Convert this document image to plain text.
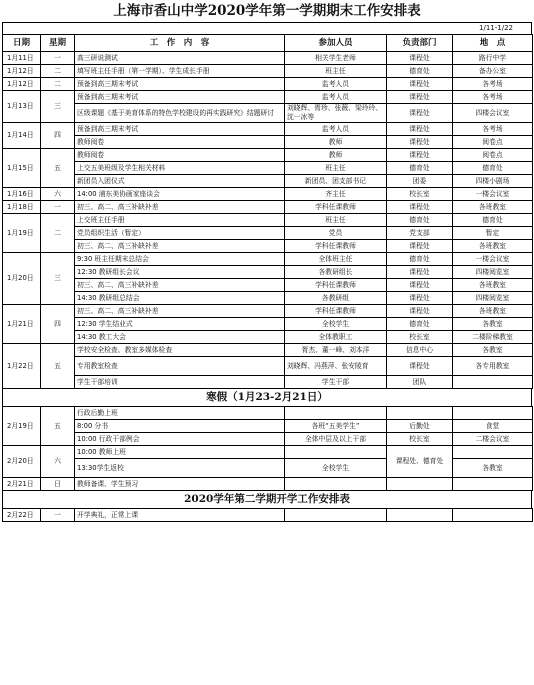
上海市香山中学2020学年第一学期期末工作安排表
1/11-1/22
日期	星期	工　作　内　容	参加人员	负责部门	地　点
1月11日	一	高三研说测试	相关学生老师	课程处	路行中学
1月12日	二	填写班主任手册（第一学期）、学生成长手册	班主任	德育处	备办公室
1月12日	二	预备到高三期末考试	监考人员	课程处	各考场
1月13日	三	预备到高三期末考试	监考人员	课程处	各考场
		区级课题《基于美育体系的特色学校建设的再实践研究》结题研讨	刘晓辉、胥珍、张薇、梁玲玲、沈一冰等	课程处	四楼会议室
1月14日	四	预备到高三期末考试	监考人员	课程处	各考场
		教师阅卷	教师	课程处	阅卷点
1月15日	五	教师阅卷	教师	课程处	阅卷点
		上交五美班级及学生相关材料	班主任	德育处	德育处
		新团员入团仪式	新团员、团支部书记	团委	四楼小剧场
1月16日	六	14:00 浦东美协画家座谈会	齐主任	校长室	一楼会议室
1月18日	一	初三、高二、高三补缺补差	学科任课教师	课程处	各班教室
1月19日	二	上交班主任手册	班主任	德育处	德育处
		党员组织生活（暂定）	党员	党支部	暂定
		初三、高二、高三补缺补差	学科任课教师	课程处	各班教室
1月20日	三	9:30 班主任期末总结会	全体班主任	德育处	一楼会议室
		12:30 教研组长会议	各教研组长	课程处	四楼阅览室
		初三、高二、高三补缺补差	学科任课教师	课程处	各班教室
		14:30 教研组总结会	各教研组	课程处	四楼阅览室
1月21日	四	初三、高二、高三补缺补差	学科任课教师	课程处	各班教室
		12:30 学生结业式	全校学生	德育处	各教室
		14:30 教工大会	全体教职工	校长室	二楼阶梯教室
1月22日	五	学校安全检查、教室多媒体检查	胥杰、董一峰、刘本洋	信息中心	各教室
		专用教室检查	刘晓辉、冯燕萍、张安陵育	课程处	各专用教室
		学生干部培训	学生干部	团队	
寒假（1月23-2月21日）
2月19日	五	行政后勤上班			
		8:00 分书	各班“五美学生”	后勤处	食堂
		10:00 行政干部例会	全体中层及以上干部	校长室	二楼会议室
2月20日	六	10:00 教师上班		课程处、德育处	
		13:30学生返校	全校学生		各教室
2月21日	日	教师备课、学生预习			
2020学年第二学期开学工作安排表
2月22日	一	开学典礼，正常上课			
